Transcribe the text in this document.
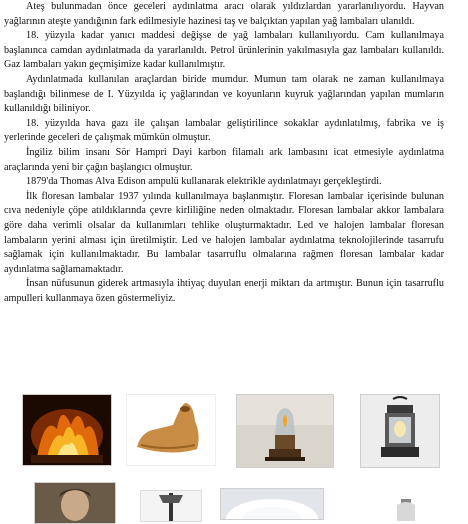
Ateş bulunmadan önce geceleri aydınlatma aracı olarak yıldızlardan yararlanılıyordu. Hayvan yağlarının ateşte yandığının fark edilmesiyle hazinesi taş ve balçıktan yapılan yağ lambaları ulanıldı.

18. yüzyıla kadar yanıcı maddesi değişse de yağ lambaları kullanılıyordu. Cam kullanılmaya başlanınca camdan aydınlatmada da yararlanıldı. Petrol ürünlerinin yakılmasıyla gaz lambaları kullanıldı. Gaz lambaları yakın geçmişimize kadar kullanılmıştır.

Aydınlatmada kullanılan araçlardan biride mumdur. Mumun tam olarak ne zaman kullanılmaya başlandığı bilinmese de I. Yüzyılda iç yağlarından ve koyunların kuyruk yağlarından yapılan mumların kullanıldığı biliniyor.

18. yüzyılda hava gazı ile çalışan lambalar geliştirilince sokaklar aydınlatılmış, fabrika ve iş yerlerinde geceleri de çalışmak mümkün olmuştur.

İngiliz bilim insanı Sör Hampri Dayi karbon filamalı ark lambasını icat etmesiyle aydınlatma araçlarında yeni bir çağın başlangıcı olmuştur.

1879'da Thomas Alva Edison ampulü kullanarak elektrikle aydınlatmayı gerçekleştirdi.

İlk floresan lambalar 1937 yılında kullanılmaya başlanmıştır. Floresan lambalar içerisinde bulunan cıva nedeniyle çöpe atıldıklarında çevre kirliliğine neden olmaktadır. Floresan lambalar akkor lambalara göre daha verimli olsalar da kullanımları tehlike oluşturmaktadır. Led ve halojen lambalar floresan lambaların yerini alması için üretilmiştir. Led ve halojen lambalar aydınlatma teknolojilerinde tasarrufu sağlamak için kullanılmaktadır. Bu lambalar tasarruflu olmalarına rağmen floresan lambalar kadar aydınlatma sağlamamaktadır.

İnsan nüfusunun giderek artmasıyla ihtiyaç duyulan enerji miktarı da artmıştır. Bunun için tasarruflu ampulleri kullanmaya özen göstermeliyiz.
